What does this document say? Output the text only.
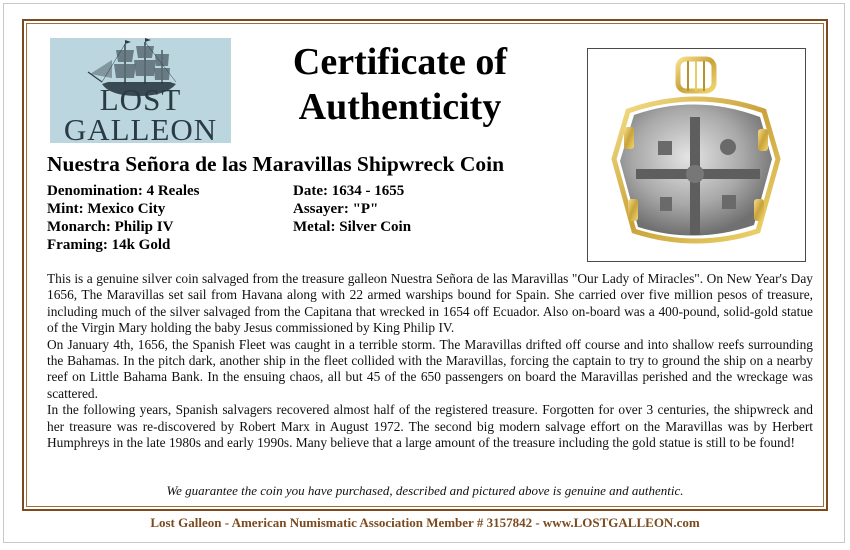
LOST
GALLEON
Certificate of
Authenticity
Nuestra Señora de las Maravillas Shipwreck Coin
Denomination: 4 Reales
Mint: Mexico City
Monarch: Philip IV
Framing: 14k Gold
Date: 1634 - 1655
Assayer: "P"
Metal: Silver Coin

This is a genuine silver coin salvaged from the treasure galleon Nuestra Señora de las Maravillas "Our Lady of Miracles". On New Year's Day 1656, The Maravillas set sail from Havana along with 22 armed warships bound for Spain. She carried over five million pesos of treasure, including much of the silver salvaged from the Capitana that wrecked in 1654 off Ecuador. Also on-board was a 400-pound, solid-gold statue of the Virgin Mary holding the baby Jesus commissioned by King Philip IV.

On January 4th, 1656, the Spanish Fleet was caught in a terrible storm. The Maravillas drifted off course and into shallow reefs surrounding the Bahamas. In the pitch dark, another ship in the fleet collided with the Maravillas, forcing the captain to try to ground the ship on a nearby reef on Little Bahama Bank. In the ensuing chaos, all but 45 of the 650 passengers on board the Maravillas perished and the wreckage was scattered.

In the following years, Spanish salvagers recovered almost half of the registered treasure. Forgotten for over 3 centuries, the shipwreck and her treasure was re-discovered by Robert Marx in August 1972. The second big modern salvage effort on the Maravillas was by Herbert Humphreys in the late 1980s and early 1990s. Many believe that a large amount of the treasure including the gold statue is still to be found!

We guarantee the coin you have purchased, described and pictured above is genuine and authentic.
Lost Galleon - American Numismatic Association Member # 3157842 - www.LOSTGALLEON.com
